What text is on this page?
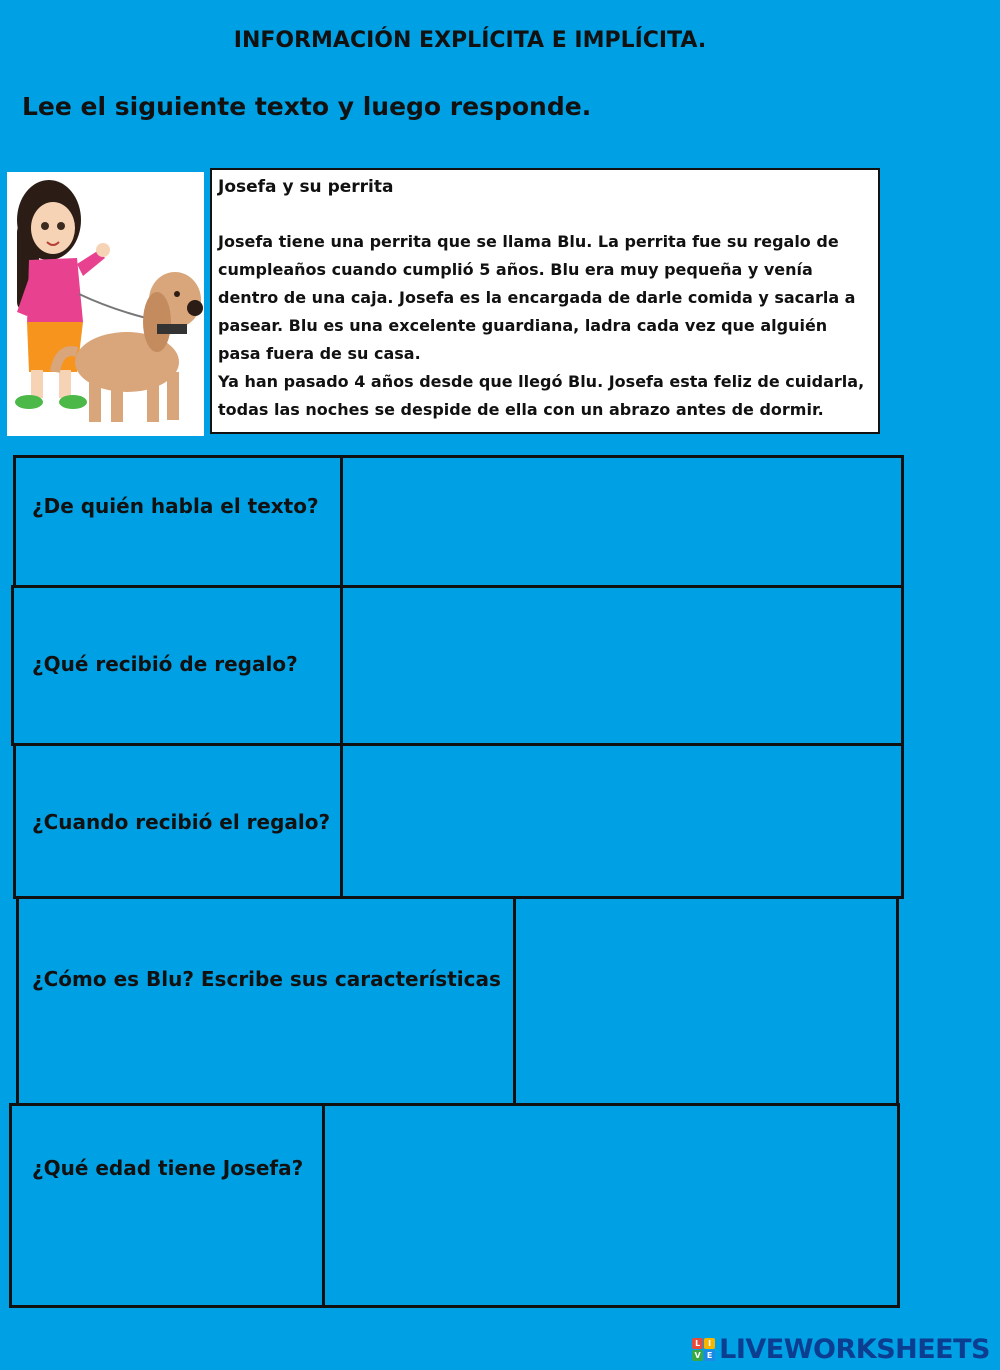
INFORMACIÓN EXPLÍCITA E IMPLÍCITA.
Lee el siguiente texto y luego responde.
Josefa y su perrita

Josefa tiene una perrita que se llama Blu. La perrita fue su regalo de

cumpleaños cuando cumplió 5 años. Blu era muy pequeña y venía

dentro de una caja. Josefa es la encargada de darle comida y sacarla a

pasear. Blu es una excelente guardiana, ladra cada vez que alguién

pasa fuera de su casa.

Ya han pasado 4 años desde que llegó Blu. Josefa esta feliz de cuidarla,

todas las noches se despide de ella con un abrazo antes de dormir.

¿De quién habla el texto?
¿Qué recibió de regalo?
¿Cuando recibió el regalo?
¿Cómo es Blu? Escribe sus características
¿Qué edad tiene Josefa?
L I
V E LIVEWORKSHEETS
